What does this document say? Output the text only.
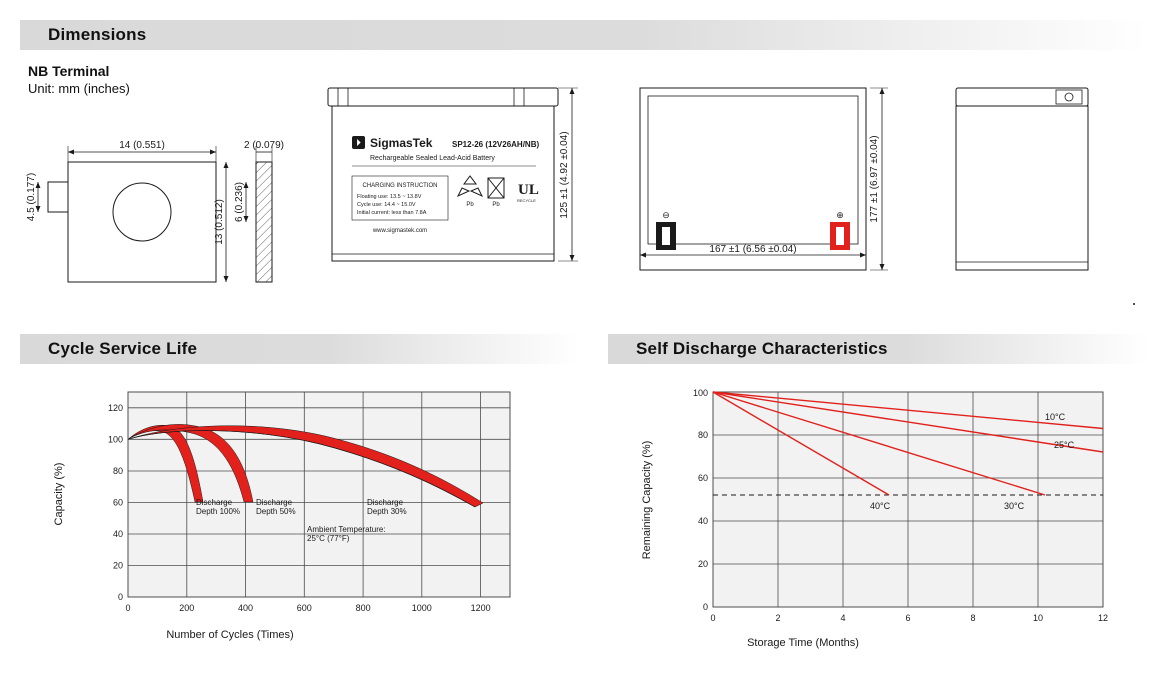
Dimensions
NB Terminal
Unit: mm (inches)
14 (0.551)
4.5 (0.177)
13 (0.512)
2 (0.079)
6 (0.236)
⏵ SigmasTek SP12-26 (12V26AH/NB)
Rechargeable Sealed Lead-Acid Battery
CHARGING INSTRUCTION
Floating use: 13.5 ~ 13.8V
Cycle use: 14.4 ~ 15.0V
Initial current: less than 7.8A
www.sigmastek.com
Pb	Pb
UL
RECYCLE 125 ±1 (4.92 ±0.04)	⊖	⊕
167 ±1 (6.56 ±0.04)
177 ±1 (6.97 ±0.04)
Cycle Service Life
0
20
40
60
80
100
120
0	200	400	600	800	1000	1200
Discharge
Depth 100%
Discharge
Depth 50%
Discharge
Depth 30%
Ambient Temperature:
25°C (77°F)
Capacity (%)
Number of Cycles (Times)
Self Discharge Characteristics
0
20
40
60
80
100
0	2	4	6	8	10	12
10°C
25°C
30°C
40°C
Remaining Capacity (%)
Storage Time (Months)
